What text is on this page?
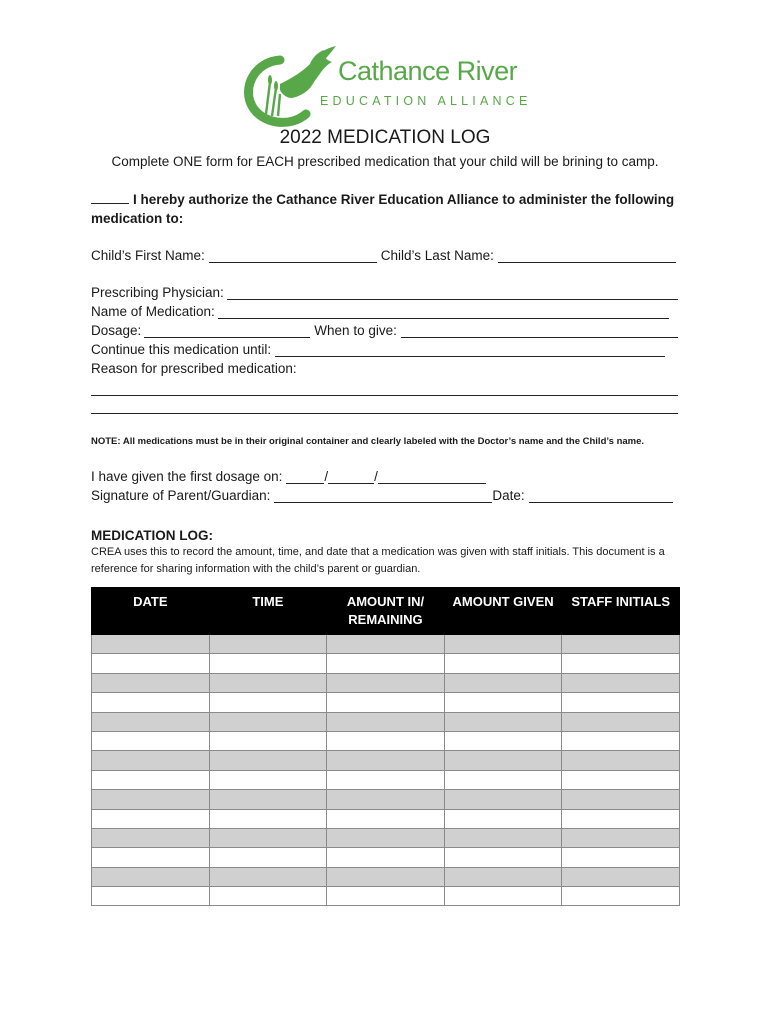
Cathance River
EDUCATION ALLIANCE
2022 MEDICATION LOG
Complete ONE form for EACH prescribed medication that your child will be brining to camp.
I hereby authorize the Cathance River Education Alliance to administer the following medication to:
Child’s First Name:	Child’s Last Name:
Prescribing Physician:
Name of Medication:
Dosage:	When to give:
Continue this medication until:
Reason for prescribed medication:
NOTE: All medications must be in their original container and clearly labeled with the Doctor’s name and the Child’s name.
I have given the first dosage on:	/	/
Signature of Parent/Guardian:	Date:
MEDICATION LOG:
CREA uses this to record the amount, time, and date that a medication was given with staff initials. This document is a reference for sharing information with the child’s parent or guardian.
DATE	TIME	AMOUNT IN/ REMAINING	AMOUNT GIVEN	STAFF INITIALS
